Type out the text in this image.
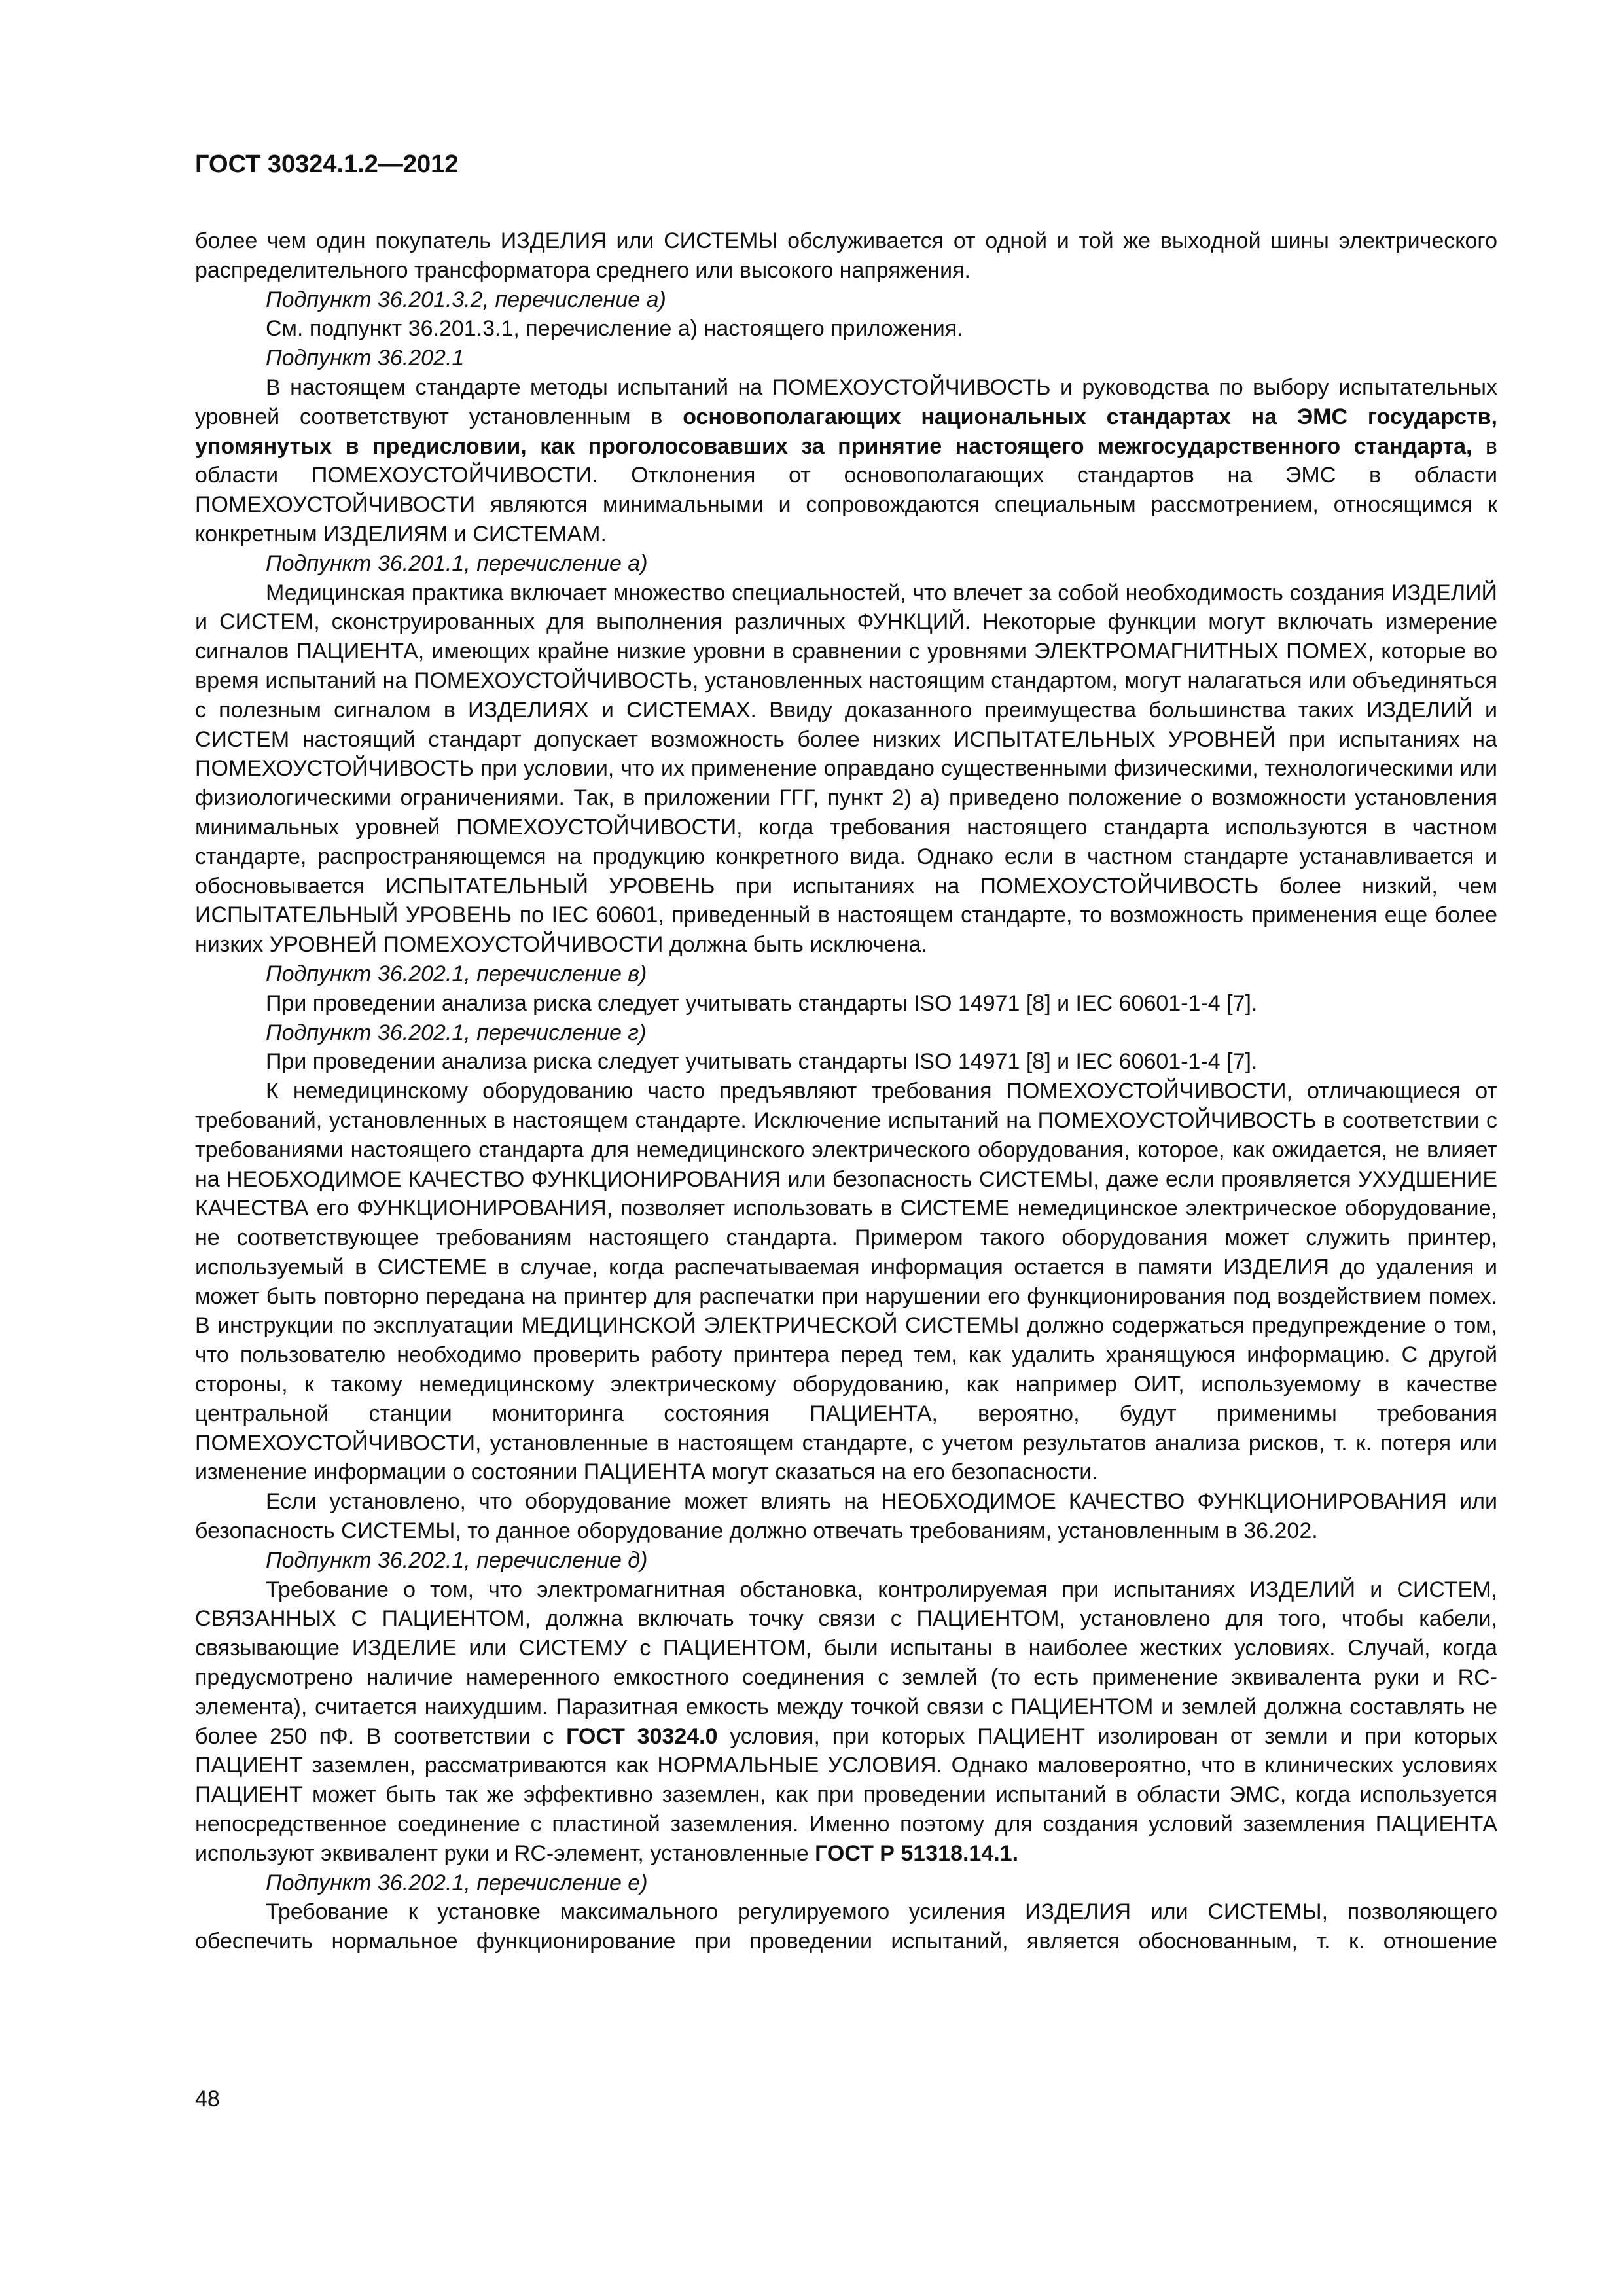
ГОСТ 30324.1.2—2012

более чем один покупатель ИЗДЕЛИЯ или СИСТЕМЫ обслуживается от одной и той же выходной шины электрического распределительного трансформатора среднего или высокого напряжения.

Подпункт 36.201.3.2, перечисление а)

См. подпункт 36.201.3.1, перечисление а) настоящего приложения.

Подпункт 36.202.1

В настоящем стандарте методы испытаний на ПОМЕХОУСТОЙЧИВОСТЬ и руководства по выбору испытательных уровней соответствуют установленным в основополагающих национальных стандартах на ЭМС государств, упомянутых в предисловии, как проголосовавших за принятие настоящего межгосударственного стандарта, в области ПОМЕХОУСТОЙЧИВОСТИ. Отклонения от основополагающих стандартов на ЭМС в области ПОМЕХОУСТОЙЧИВОСТИ являются минимальными и сопровождаются специальным рассмотрением, относящимся к конкретным ИЗДЕЛИЯМ и СИСТЕМАМ.

Подпункт 36.201.1, перечисление а)

Медицинская практика включает множество специальностей, что влечет за собой необходимость создания ИЗДЕЛИЙ и СИСТЕМ, сконструированных для выполнения различных ФУНКЦИЙ. Некоторые функции могут включать измерение сигналов ПАЦИЕНТА, имеющих крайне низкие уровни в сравнении с уровнями ЭЛЕКТРОМАГНИТНЫХ ПОМЕХ, которые во время испытаний на ПОМЕХОУСТОЙЧИВОСТЬ, установленных настоящим стандартом, могут налагаться или объединяться с полезным сигналом в ИЗДЕЛИЯХ и СИСТЕМАХ. Ввиду доказанного преимущества большинства таких ИЗДЕЛИЙ и СИСТЕМ настоящий стандарт допускает возможность более низких ИСПЫТАТЕЛЬНЫХ УРОВНЕЙ при испытаниях на ПОМЕХОУСТОЙЧИВОСТЬ при условии, что их применение оправдано существенными физическими, технологическими или физиологическими ограничениями. Так, в приложении ГГГ, пункт 2) а) приведено положение о возможности установления минимальных уровней ПОМЕХОУСТОЙЧИВОСТИ, когда требования настоящего стандарта используются в частном стандарте, распространяющемся на продукцию конкретного вида. Однако если в частном стандарте устанавливается и обосновывается ИСПЫТАТЕЛЬНЫЙ УРОВЕНЬ при испытаниях на ПОМЕХОУСТОЙЧИВОСТЬ более низкий, чем ИСПЫТАТЕЛЬНЫЙ УРОВЕНЬ по IEC 60601, приведенный в настоящем стандарте, то возможность применения еще более низких УРОВНЕЙ ПОМЕХОУСТОЙЧИВОСТИ должна быть исключена.

Подпункт 36.202.1, перечисление в)

При проведении анализа риска следует учитывать стандарты ISO 14971 [8] и IEC 60601-1-4 [7].

Подпункт 36.202.1, перечисление г)

При проведении анализа риска следует учитывать стандарты ISO 14971 [8] и IEC 60601-1-4 [7].

К немедицинскому оборудованию часто предъявляют требования ПОМЕХОУСТОЙЧИВОСТИ, отличающиеся от требований, установленных в настоящем стандарте. Исключение испытаний на ПОМЕХОУСТОЙЧИВОСТЬ в соответствии с требованиями настоящего стандарта для немедицинского электрического оборудования, которое, как ожидается, не влияет на НЕОБХОДИМОЕ КАЧЕСТВО ФУНКЦИОНИРОВАНИЯ или безопасность СИСТЕМЫ, даже если проявляется УХУДШЕНИЕ КАЧЕСТВА его ФУНКЦИОНИРОВАНИЯ, позволяет использовать в СИСТЕМЕ немедицинское электрическое оборудование, не соответствующее требованиям настоящего стандарта. Примером такого оборудования может служить принтер, используемый в СИСТЕМЕ в случае, когда распечатываемая информация остается в памяти ИЗДЕЛИЯ до удаления и может быть повторно передана на принтер для распечатки при нарушении его функционирования под воздействием помех. В инструкции по эксплуатации МЕДИЦИНСКОЙ ЭЛЕКТРИЧЕСКОЙ СИСТЕМЫ должно содержаться предупреждение о том, что пользователю необходимо проверить работу принтера перед тем, как удалить хранящуюся информацию. С другой стороны, к такому немедицинскому электрическому оборудованию, как например ОИТ, используемому в качестве центральной станции мониторинга состояния ПАЦИЕНТА, вероятно, будут применимы требования ПОМЕХОУСТОЙЧИВОСТИ, установленные в настоящем стандарте, с учетом результатов анализа рисков, т. к. потеря или изменение информации о состоянии ПАЦИЕНТА могут сказаться на его безопасности.

Если установлено, что оборудование может влиять на НЕОБХОДИМОЕ КАЧЕСТВО ФУНКЦИОНИРОВАНИЯ или безопасность СИСТЕМЫ, то данное оборудование должно отвечать требованиям, установленным в 36.202.

Подпункт 36.202.1, перечисление д)

Требование о том, что электромагнитная обстановка, контролируемая при испытаниях ИЗДЕЛИЙ и СИСТЕМ, СВЯЗАННЫХ С ПАЦИЕНТОМ, должна включать точку связи с ПАЦИЕНТОМ, установлено для того, чтобы кабели, связывающие ИЗДЕЛИЕ или СИСТЕМУ с ПАЦИЕНТОМ, были испытаны в наиболее жестких условиях. Случай, когда предусмотрено наличие намеренного емкостного соединения с землей (то есть применение эквивалента руки и RC-элемента), считается наихудшим. Паразитная емкость между точкой связи с ПАЦИЕНТОМ и землей должна составлять не более 250 пФ. В соответствии с ГОСТ 30324.0 условия, при которых ПАЦИЕНТ изолирован от земли и при которых ПАЦИЕНТ заземлен, рассматриваются как НОРМАЛЬНЫЕ УСЛОВИЯ. Однако маловероятно, что в клинических условиях ПАЦИЕНТ может быть так же эффективно заземлен, как при проведении испытаний в области ЭМС, когда используется непосредственное соединение с пластиной заземления. Именно поэтому для создания условий заземления ПАЦИЕНТА используют эквивалент руки и RC-элемент, установленные ГОСТ Р 51318.14.1.

Подпункт 36.202.1, перечисление е)

Требование к установке максимального регулируемого усиления ИЗДЕЛИЯ или СИСТЕМЫ, позволяющего обеспечить нормальное функционирование при проведении испытаний, является обоснованным, т. к. отношение

48
